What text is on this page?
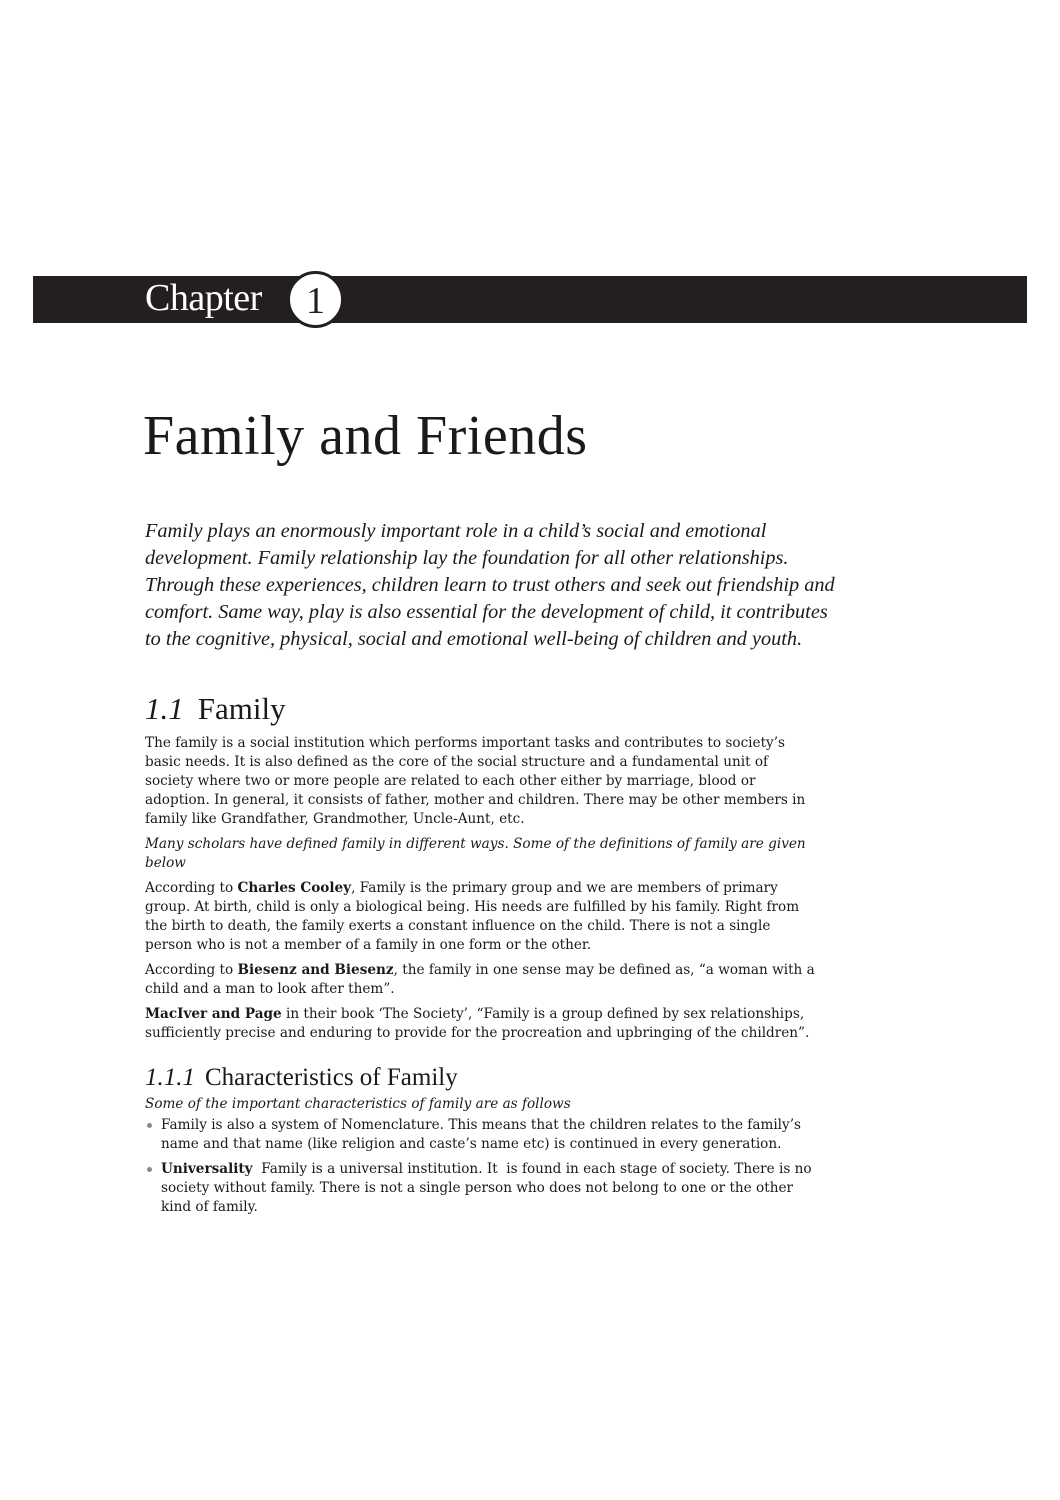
Chapter	1
Family and Friends

Family plays an enormously important role in a child’s social and emotional development. Family relationship lay the foundation for all other relationships. Through these experiences, children learn to trust others and seek out friendship and comfort. Same way, play is also essential for the development of child, it contributes to the cognitive, physical, social and emotional well-being of children and youth.

1.1 Family

The family is a social institution which performs important tasks and contributes to society’s basic needs. It is also defined as the core of the social structure and a fundamental unit of society where two or more people are related to each other either by marriage, blood or adoption. In general, it consists of father, mother and children. There may be other members in family like Grandfather, Grandmother, Uncle-Aunt, etc.

Many scholars have defined family in different ways. Some of the definitions of family are given below

According to Charles Cooley, Family is the primary group and we are members of primary group. At birth, child is only a biological being. His needs are fulfilled by his family. Right from the birth to death, the family exerts a constant influence on the child. There is not a single person who is not a member of a family in one form or the other.

According to Biesenz and Biesenz, the family in one sense may be defined as, “a woman with a child and a man to look after them”.

MacIver and Page in their book ‘The Society’, “Family is a group defined by sex relationships, sufficiently precise and enduring to provide for the procreation and upbringing of the children”.

1.1.1 Characteristics of Family

Some of the important characteristics of family are as follows

Family is also a system of Nomenclature. This means that the children relates to the family’s name and that name (like religion and caste’s name etc) is continued in every generation.
Universality  Family is a universal institution. It  is found in each stage of society. There is no society without family. There is not a single person who does not belong to one or the other kind of family.
